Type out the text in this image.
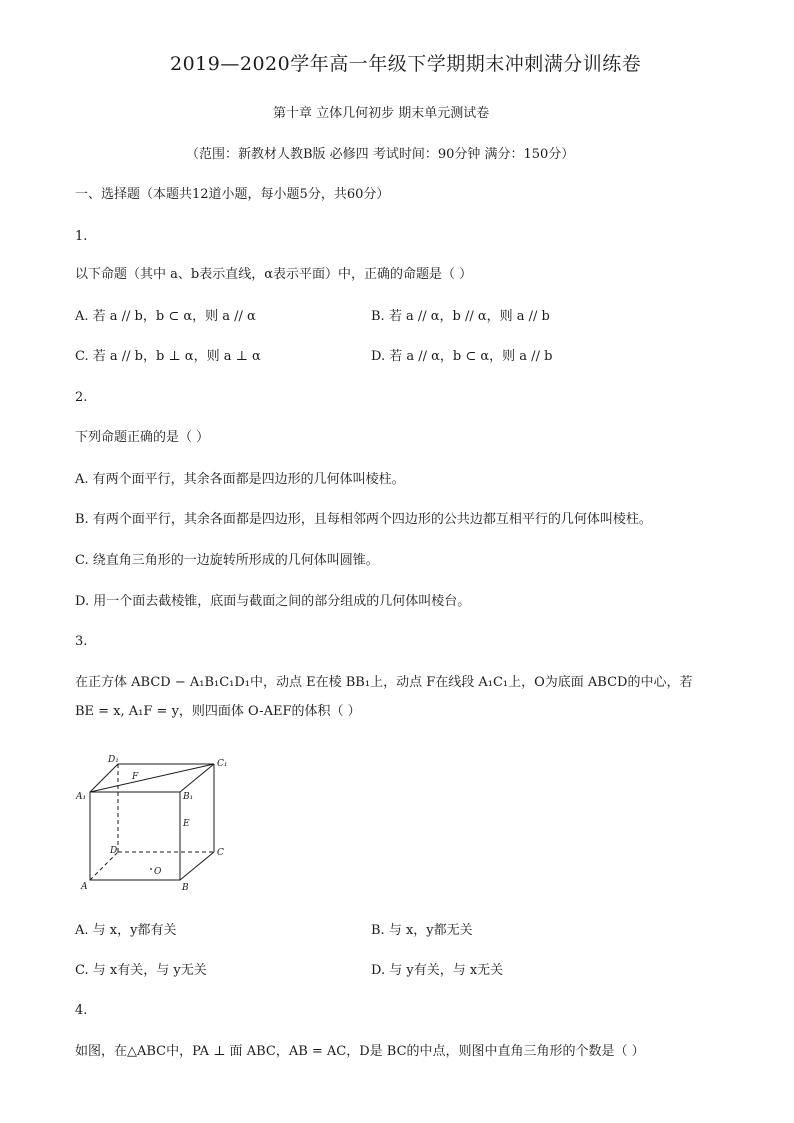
2019—2020学年高一年级下学期期末冲刺满分训练卷
第十章 立体几何初步 期末单元测试卷
（范围：新教材人教B版 必修四 考试时间：90分钟 满分：150分）
一、选择题（本题共12道小题，每小题5分，共60分）
1.
以下命题（其中 a、b表示直线，α表示平面）中，正确的命题是（ ）
A. 若 a // b，b ⊂ α，则 a // α	B. 若 a // α，b // α，则 a // b
C. 若 a // b，b ⊥ α，则 a ⊥ α	D. 若 a // α，b ⊂ α，则 a // b
2.
下列命题正确的是（ ）
A. 有两个面平行，其余各面都是四边形的几何体叫棱柱。
B. 有两个面平行，其余各面都是四边形，且每相邻两个四边形的公共边都互相平行的几何体叫棱柱。
C. 绕直角三角形的一边旋转所形成的几何体叫圆锥。
D. 用一个面去截棱锥，底面与截面之间的部分组成的几何体叫棱台。
3.
在正方体 ABCD − A₁B₁C₁D₁中，动点 E在棱 BB₁上，动点 F在线段 A₁C₁上，O为底面 ABCD的中心，若
BE = x, A₁F = y，则四面体 O-AEF的体积（ ）
D₁	C₁
F
A₁	B₁
E
D	C
O
A	B
A. 与 x，y都有关	B. 与 x，y都无关
C. 与 x有关，与 y无关	D. 与 y有关，与 x无关
4.
如图，在△ABC中，PA ⊥ 面 ABC，AB = AC，D是 BC的中点，则图中直角三角形的个数是（ ）
